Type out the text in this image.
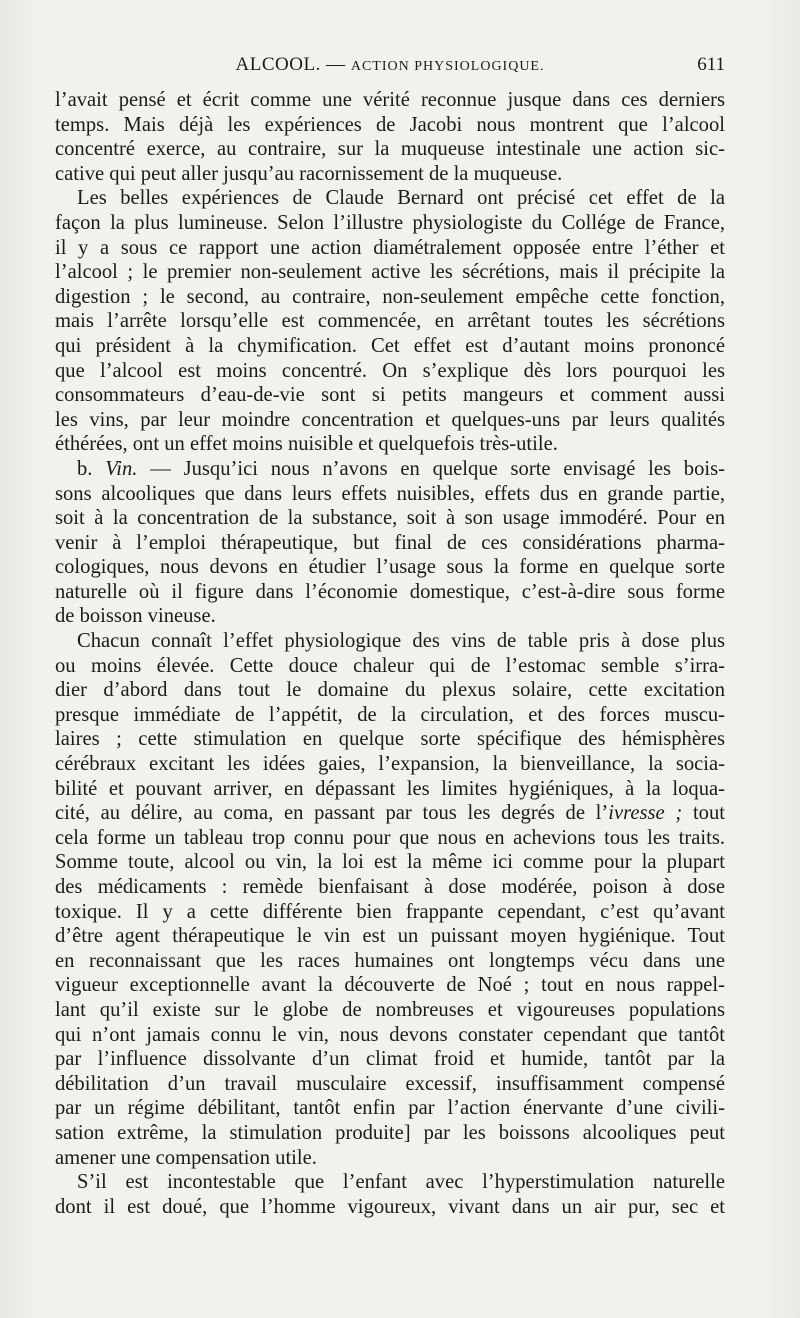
ALCOOL. — ACTION PHYSIOLOGIQUE.	611
l’avait pensé et écrit comme une vérité reconnue jusque dans ces derniers
temps. Mais déjà les expériences de Jacobi nous montrent que l’alcool
concentré exerce, au contraire, sur la muqueuse intestinale une action sic-
cative qui peut aller jusqu’au racornissement de la muqueuse.
Les belles expériences de Claude Bernard ont précisé cet effet de la
façon la plus lumineuse. Selon l’illustre physiologiste du Collége de France,
il y a sous ce rapport une action diamétralement opposée entre l’éther et
l’alcool ; le premier non-seulement active les sécrétions, mais il précipite la
digestion ; le second, au contraire, non-seulement empêche cette fonction,
mais l’arrête lorsqu’elle est commencée, en arrêtant toutes les sécrétions
qui président à la chymification. Cet effet est d’autant moins prononcé
que l’alcool est moins concentré. On s’explique dès lors pourquoi les
consommateurs d’eau-de-vie sont si petits mangeurs et comment aussi
les vins, par leur moindre concentration et quelques-uns par leurs qualités
éthérées, ont un effet moins nuisible et quelquefois très-utile.
b. Vin. — Jusqu’ici nous n’avons en quelque sorte envisagé les bois-
sons alcooliques que dans leurs effets nuisibles, effets dus en grande partie,
soit à la concentration de la substance, soit à son usage immodéré. Pour en
venir à l’emploi thérapeutique, but final de ces considérations pharma-
cologiques, nous devons en étudier l’usage sous la forme en quelque sorte
naturelle où il figure dans l’économie domestique, c’est-à-dire sous forme
de boisson vineuse.
Chacun connaît l’effet physiologique des vins de table pris à dose plus
ou moins élevée. Cette douce chaleur qui de l’estomac semble s’irra-
dier d’abord dans tout le domaine du plexus solaire, cette excitation
presque immédiate de l’appétit, de la circulation, et des forces muscu-
laires ; cette stimulation en quelque sorte spécifique des hémisphères
cérébraux excitant les idées gaies, l’expansion, la bienveillance, la socia-
bilité et pouvant arriver, en dépassant les limites hygiéniques, à la loqua-
cité, au délire, au coma, en passant par tous les degrés de l’ivresse ; tout
cela forme un tableau trop connu pour que nous en achevions tous les traits.
Somme toute, alcool ou vin, la loi est la même ici comme pour la plupart
des médicaments : remède bienfaisant à dose modérée, poison à dose
toxique. Il y a cette différente bien frappante cependant, c’est qu’avant
d’être agent thérapeutique le vin est un puissant moyen hygiénique. Tout
en reconnaissant que les races humaines ont longtemps vécu dans une
vigueur exceptionnelle avant la découverte de Noé ; tout en nous rappel-
lant qu’il existe sur le globe de nombreuses et vigoureuses populations
qui n’ont jamais connu le vin, nous devons constater cependant que tantôt
par l’influence dissolvante d’un climat froid et humide, tantôt par la
débilitation d’un travail musculaire excessif, insuffisamment compensé
par un régime débilitant, tantôt enfin par l’action énervante d’une civili-
sation extrême, la stimulation produite] par les boissons alcooliques peut
amener une compensation utile.
S’il est incontestable que l’enfant avec l’hyperstimulation naturelle
dont il est doué, que l’homme vigoureux, vivant dans un air pur, sec et
